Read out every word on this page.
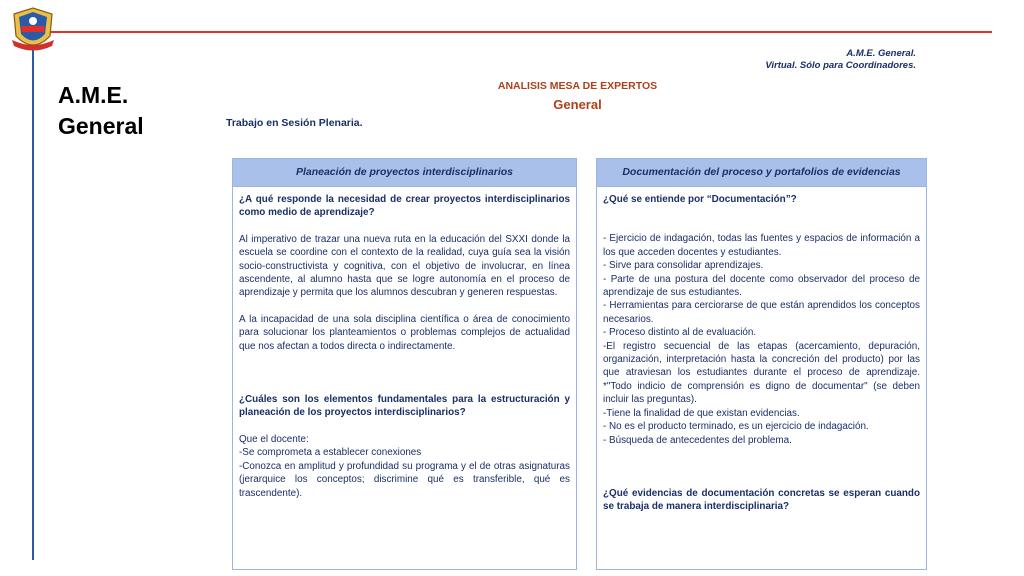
A.M.E.
General
A.M.E. General.
Virtual. Sólo para Coordinadores.
ANALISIS MESA DE EXPERTOS
General
Trabajo en Sesión Plenaria.
Planeación de proyectos interdisciplinarios
¿A qué responde la necesidad de crear proyectos interdisciplinarios como medio de aprendizaje?
Al imperativo de trazar una nueva ruta en la educación del SXXI donde la escuela se coordine con el contexto de la realidad, cuya guía sea la visión socio-constructivista y cognitiva, con el objetivo de involucrar, en línea ascendente, al alumno hasta que se logre autonomía en el proceso de aprendizaje y permita que los alumnos descubran y generen respuestas.
A la incapacidad de una sola disciplina científica o área de conocimiento para solucionar los planteamientos o problemas complejos de actualidad que nos afectan a todos directa o indirectamente.
¿Cuáles son los elementos fundamentales para la estructuración y planeación de los proyectos interdisciplinarios?
Que el docente:
-Se comprometa a establecer conexiones
-Conozca en amplitud y profundidad su programa y el de otras asignaturas (jerarquice los conceptos; discrimine qué es transferible, qué es trascendente).
Documentación del proceso y portafolios de evidencias
¿Qué se entiende por “Documentación”?
- Ejercicio de indagación, todas las fuentes y espacios de información a los que acceden docentes y estudiantes.
- Sirve para consolidar aprendizajes.
- Parte de una postura del docente como observador del proceso de aprendizaje de sus estudiantes.
- Herramientas para cerciorarse de que están aprendidos los conceptos necesarios.
- Proceso distinto al de evaluación.
-El registro secuencial de las etapas (acercamiento, depuración, organización, interpretación hasta la concreción del producto) por las que atraviesan los estudiantes durante el proceso de aprendizaje. *"Todo indicio de comprensión es digno de documentar" (se deben incluir las preguntas).
-Tiene la finalidad de que existan evidencias.
- No es el producto terminado, es un ejercicio de indagación.
- Búsqueda de antecedentes del problema.
¿Qué evidencias de documentación concretas se esperan cuando se trabaja de manera interdisciplinaria?
